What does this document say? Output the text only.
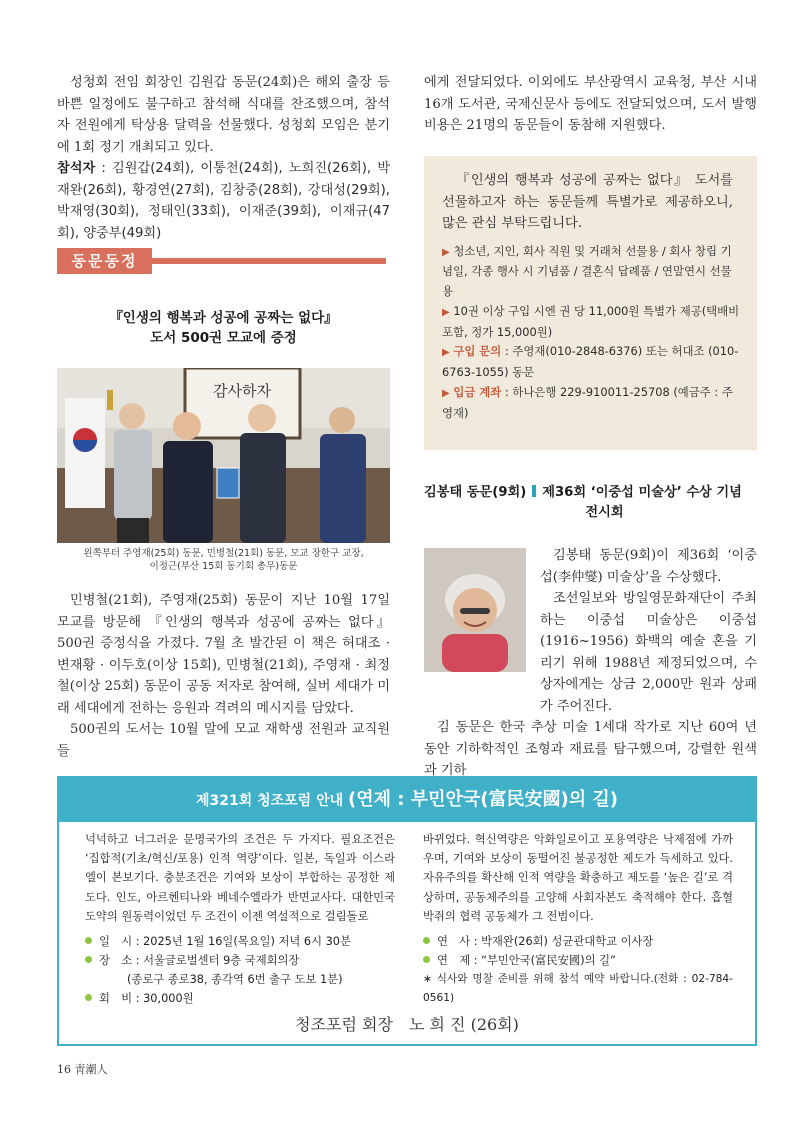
성청회 전임 회장인 김원갑 동문(24회)은 해외 출장 등 바쁜 일정에도 불구하고 참석해 식대를 찬조했으며, 참석자 전원에게 탁상용 달력을 선물했다. 성청회 모임은 분기에 1회 정기 개최되고 있다.

참석자 : 김원갑(24회), 이통천(24회), 노희진(26회), 박재완(26회), 황경연(27회), 김창중(28회), 강대성(29회), 박재영(30회), 정태인(33회), 이재준(39회), 이재규(47회), 양중부(49회)

동문동정
『인생의 행복과 성공에 공짜는 없다』
도서 500권 모교에 증정
감사하자
왼쪽부터 주영재(25회) 동문, 민병철(21회) 동문, 모교 장한구 교장,
이정근(부산 15회 동기회 총무)동문

민병철(21회), 주영재(25회) 동문이 지난 10월 17일 모교를 방문해 『인생의 행복과 성공에 공짜는 없다』 500권 증정식을 가졌다. 7월 초 발간된 이 책은 허대조 · 변재황 · 이두호(이상 15회), 민병철(21회), 주영재 · 최정철(이상 25회) 동문이 공동 저자로 참여해, 실버 세대가 미래 세대에게 전하는 응원과 격려의 메시지를 담았다.

500권의 도서는 10월 말에 모교 재학생 전원과 교직원들

에게 전달되었다. 이외에도 부산광역시 교육청, 부산 시내 16개 도서관, 국제신문사 등에도 전달되었으며, 도서 발행 비용은 21명의 동문들이 동참해 지원했다.

『인생의 행복과 성공에 공짜는 없다』 도서를 선물하고자 하는 동문들께 특별가로 제공하오니, 많은 관심 부탁드립니다.

▶ 청소년, 지인, 회사 직원 및 거래처 선물용 / 회사 창립 기념일, 각종 행사 시 기념품 / 결혼식 답례품 / 연말연시 선물용
▶ 10권 이상 구입 시엔 권 당 11,000원 특별가 제공(택배비 포함, 정가 15,000원)
▶ 구입 문의 : 주영재(010-2848-6376) 또는 허대조 (010-6763-1055) 동문
▶ 입금 계좌 : 하나은행 229-910011-25708 (예금주 : 주영재)
김봉태 동문(9회) 제36회 ‘이중섭 미술상’ 수상 기념
전시회

김봉태 동문(9회)이 제36회 ‘이중섭(李仲燮) 미술상’을 수상했다.

조선일보와 방일영문화재단이 주최하는 이중섭 미술상은 이중섭(1916~1956) 화백의 예술 혼을 기리기 위해 1988년 제정되었으며, 수상자에게는 상금 2,000만 원과 상패가 주어진다.

김 동문은 한국 추상 미술 1세대 작가로 지난 60여 년 동안 기하학적인 조형과 재료를 탐구했으며, 강렬한 원색과 기하

제321회 청조포럼 안내 (연제 : 부민안국(富民安國)의 길)

넉넉하고 너그러운 문명국가의 조건은 두 가지다. 필요조건은 ‘집합적(기초/혁신/포용) 인적 역량’이다. 일본, 독일과 이스라엘이 본보기다. 충분조건은 기여와 보상이 부합하는 공정한 제도다. 인도, 아르헨티나와 베네수엘라가 반면교사다. 대한민국 도약의 원동력이었던 두 조건이 이젠 역설적으로 걸림돌로

일　시 : 2025년 1월 16일(목요일) 저녁 6시 30분
장　소 : 서울글로벌센터 9층 국제회의장
(종로구 종로38, 종각역 6번 출구 도보 1분)
회　비 : 30,000원

바뀌었다. 혁신역량은 악화일로이고 포용역량은 낙제점에 가까우며, 기여와 보상이 동떨어진 불공정한 제도가 득세하고 있다. 자유주의를 확산해 인적 역량을 확충하고 제도를 ‘높은 길’로 격상하며, 공동체주의를 고양해 사회자본도 축적해야 한다. 흡혈박쥐의 협력 공동체가 그 전범이다.

연　사 : 박재완(26회) 성균관대학교 이사장
연　제 : “부민안국(富民安國)의 길”
∗ 식사와 명찰 준비를 위해 참석 예약 바랍니다.(전화 : 02-784-0561)
청조포럼 회장　노 희 진 (26회)
16 靑潮人
